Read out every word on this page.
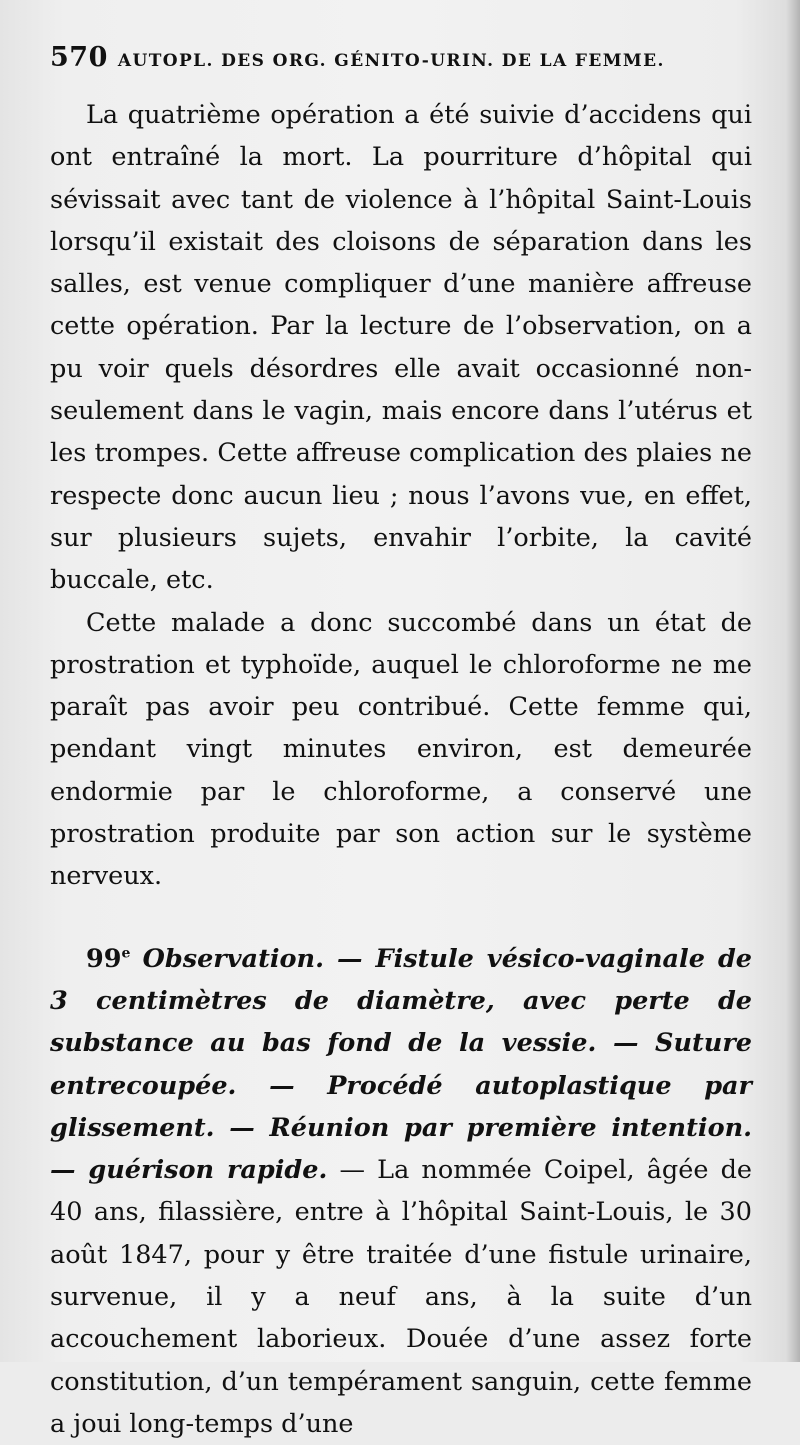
570 AUTOPL. DES ORG. GÉNITO-URIN. DE LA FEMME.

La quatrième opération a été suivie d’accidens qui ont entraîné la mort. La pourriture d’hôpital qui sévissait avec tant de violence à l’hôpital Saint-Louis lorsqu’il existait des cloisons de séparation dans les salles, est venue compliquer d’une manière affreuse cette opération. Par la lecture de l’observation, on a pu voir quels désordres elle avait occasionné non-seulement dans le vagin, mais encore dans l’utérus et les trompes. Cette affreuse complication des plaies ne respecte donc aucun lieu ; nous l’avons vue, en effet, sur plusieurs sujets, envahir l’orbite, la cavité buccale, etc.

Cette malade a donc succombé dans un état de prostration et typhoïde, auquel le chloroforme ne me paraît pas avoir peu contribué. Cette femme qui, pendant vingt minutes environ, est demeurée endormie par le chloroforme, a conservé une prostration produite par son action sur le système nerveux.

99e Observation. — Fistule vésico-vaginale de 3 centimètres de diamètre, avec perte de substance au bas fond de la vessie. — Suture entrecoupée. — Procédé autoplastique par glissement. — Réunion par première intention. — guérison rapide. — La nommée Coipel, âgée de 40 ans, filassière, entre à l’hôpital Saint-Louis, le 30 août 1847, pour y être traitée d’une fistule urinaire, survenue, il y a neuf ans, à la suite d’un accouchement laborieux. Douée d’une assez forte constitution, d’un tempérament sanguin, cette femme a joui long-temps d’une
